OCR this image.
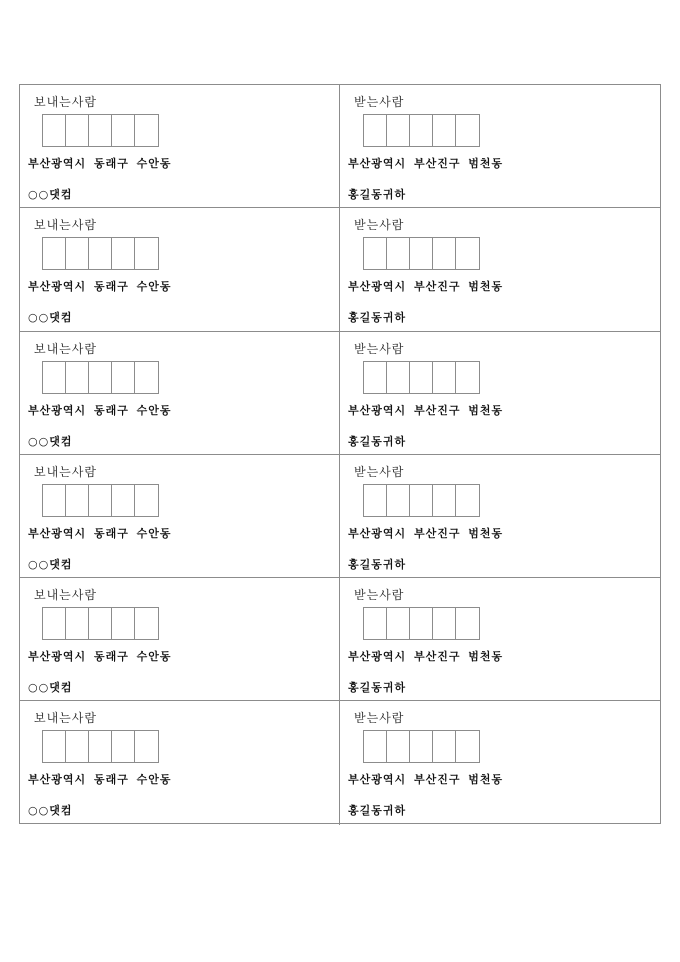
보내는사람
부산광역시 동래구 수안동
○○댓컴
받는사람
부산광역시 부산진구 범천동
홍길동귀하
보내는사람
부산광역시 동래구 수안동
○○댓컴
받는사람
부산광역시 부산진구 범천동
홍길동귀하
보내는사람
부산광역시 동래구 수안동
○○댓컴
받는사람
부산광역시 부산진구 범천동
홍길동귀하
보내는사람
부산광역시 동래구 수안동
○○댓컴
받는사람
부산광역시 부산진구 범천동
홍길동귀하
보내는사람
부산광역시 동래구 수안동
○○댓컴
받는사람
부산광역시 부산진구 범천동
홍길동귀하
보내는사람
부산광역시 동래구 수안동
○○댓컴
받는사람
부산광역시 부산진구 범천동
홍길동귀하
